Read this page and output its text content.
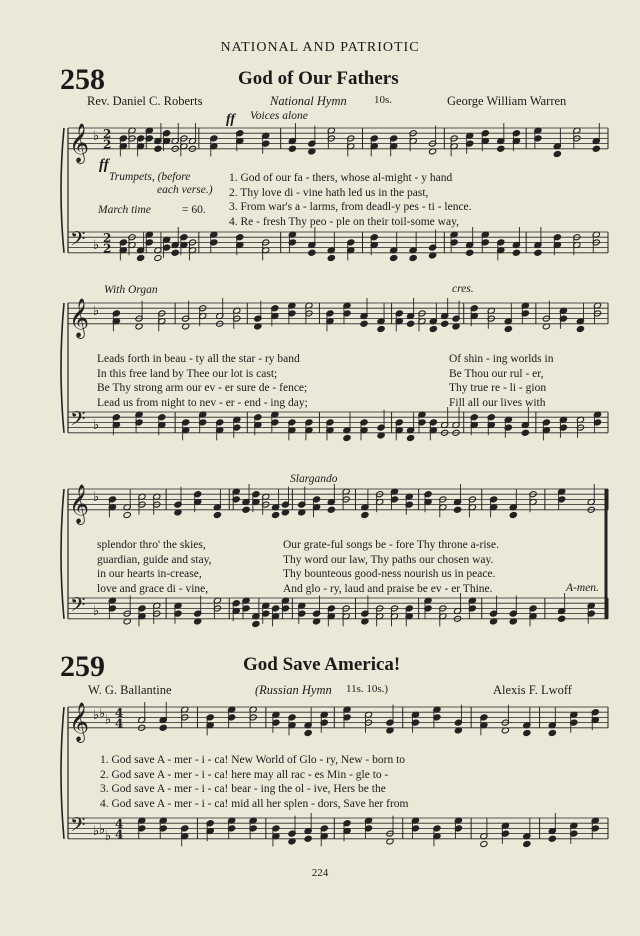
NATIONAL AND PATRIOTIC
258	God of Our Fathers
Rev. Daniel C. Roberts	National Hymn 10s.	George William Warren
Voices alone
ff
ff
Trumpets, (before
each verse.)
March time	= 60.
With Organ	cres.
Slargando
1. God of our fa - thers, whose al-might - y hand
2. Thy love di - vine hath led us in the past,
3. From war's a - larms, from deadl-y pes - ti - lence.
4. Re - fresh Thy peo - ple on their toil-some way,
Leads forth in beau - ty all the star - ry band
In this free land by Thee our lot is cast;
Be Thy strong arm our ev - er sure de - fence;
Lead us from night to nev - er - end - ing day;
Of shin - ing worlds in
Be Thou our rul - er,
Thy true re - li - gion
Fill all our lives with
splendor thro' the skies,
guardian, guide and stay,
in our hearts in-crease,
love and grace di - vine,
Our grate-ful songs be - fore Thy throne a-rise.
Thy word our law, Thy paths our chosen way.
Thy bounteous good-ness nourish us in peace.
And glo - ry, laud and praise be ev - er Thine.	A-men.
259	God Save America!
W. G. Ballantine	(Russian Hymn 11s. 10s.)	Alexis F. Lwoff
1. God save A - mer - i - ca! New World of Glo - ry, New - born to
2. God save A - mer - i - ca! here may all rac - es Min - gle to -
3. God save A - mer - i - ca! bear - ing the ol - ive, Hers be the
4. God save A - mer - i - ca! mid all her splen - dors, Save her from
224
𝄞
𝄢
♭
♭
2
2
2
2
𝄞
𝄢
♭
♭
𝄞
𝄢
♭
♭
𝄞
𝄢
♭
♭
♭
♭
♭
♭
4
4
4
4
